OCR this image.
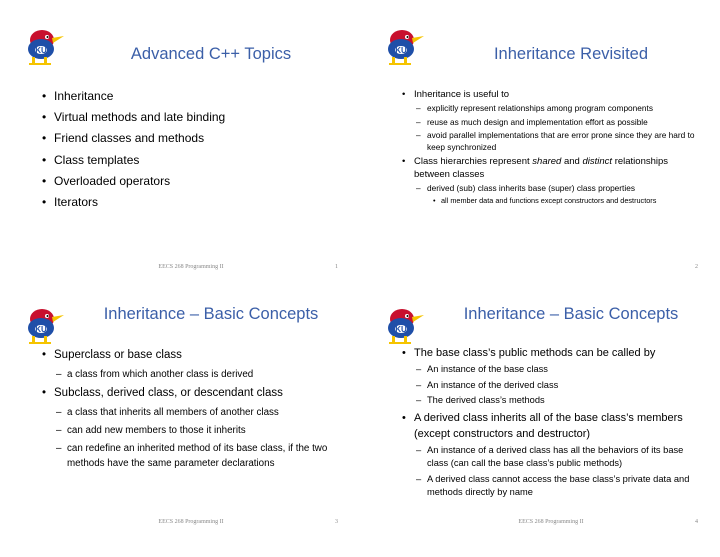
KU	Advanced C++ Topics
• Inheritance
• Virtual methods and late binding
• Friend classes and methods
• Class templates
• Overloaded operators
• Iterators
EECS 268 Programming II	1
KU	Inheritance Revisited
• Inheritance is useful to
– explicitly represent relationships among program components
– reuse as much design and implementation effort as possible
– avoid parallel implementations that are error prone since they are hard to keep synchronized
• Class hierarchies represent shared and distinct relationships between classes
– derived (sub) class inherits base (super) class properties
• all member data and functions except constructors and destructors
2
KU
Inheritance – Basic Concepts
• Superclass or base class
– a class from which another class is derived
• Subclass, derived class, or descendant class
– a class that inherits all members of another class
– can add new members to those it inherits
– can redefine an inherited method of its base class, if the two methods have the same parameter declarations
EECS 268 Programming II	3
KU
Inheritance – Basic Concepts
• The base class’s public methods can be called by
– An instance of the base class
– An instance of the derived class
– The derived class’s methods
• A derived class inherits all of the base class’s members (except constructors and destructor)
– An instance of a derived class has all the behaviors of its base class (can call the base class’s public methods)
– A derived class cannot access the base class’s private data and methods directly by name
EECS 268 Programming II	4
